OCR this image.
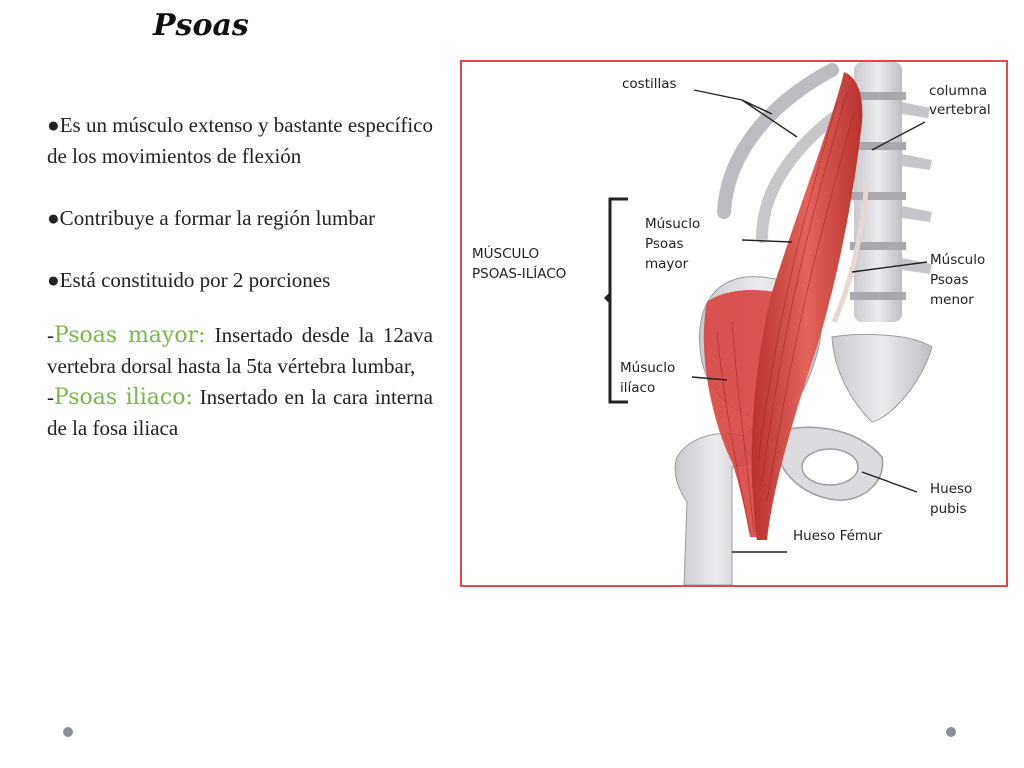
Psoas

●Es un músculo extenso y bastante específico de los movimientos de flexión

●Contribuye a formar la región lumbar

●Está constituido por 2 porciones

-Psoas mayor: Insertado desde la 12ava vertebra dorsal hasta la 5ta vértebra lumbar,

-Psoas iliaco: Insertado en la cara interna de la fosa iliaca

costillas	columna
vertebral
MÚSCULO
PSOAS-ILÍACO
Músuclo
Psoas
mayor	Músculo
Psoas
menor
Músuclo
ilíaco
Hueso
pubis
Hueso Fémur
